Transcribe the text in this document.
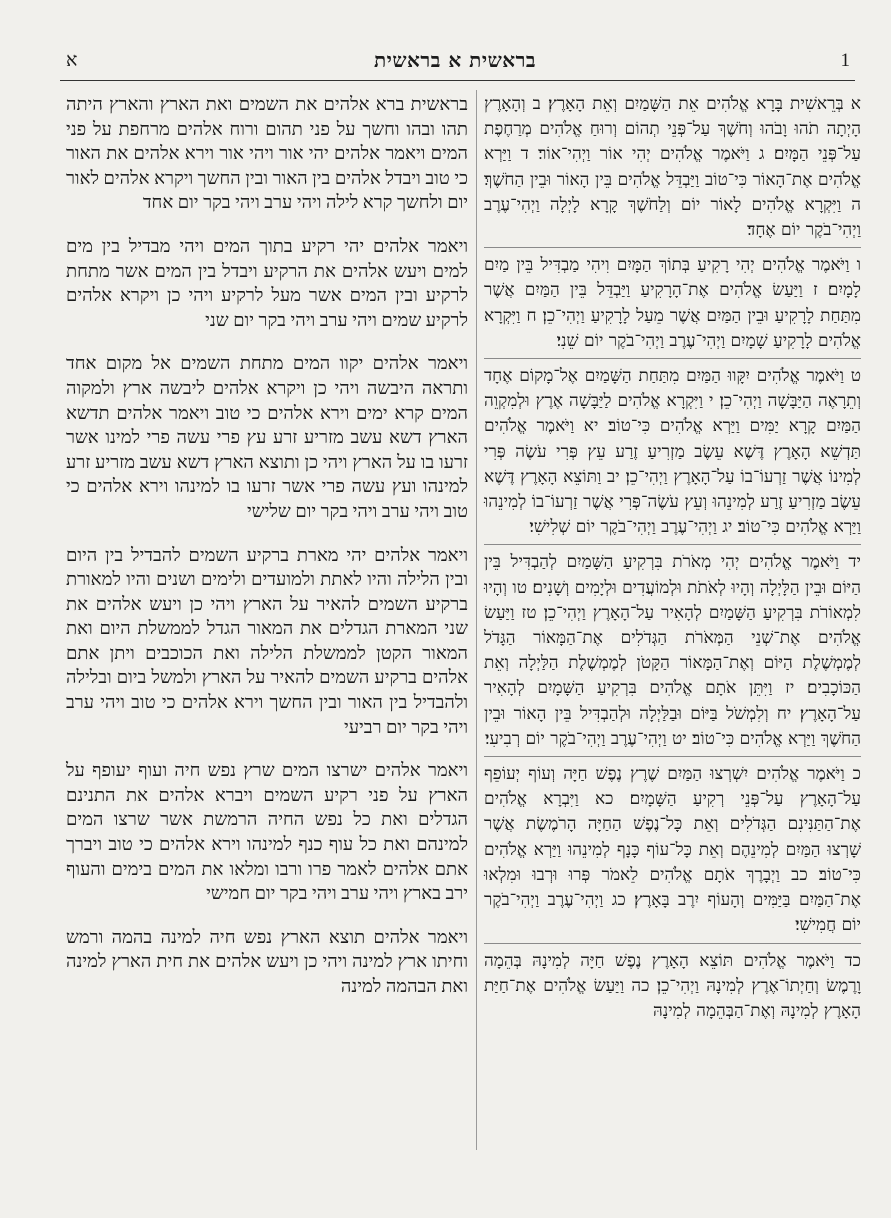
א	בראשית א בראשית	1

א בְּרֵאשִׁית בָּרָא אֱלֹהִים אֵת הַשָּׁמַיִם וְאֵת הָאָרֶץ׃ ב וְהָאָרֶץ הָיְתָה תֹהוּ וָבֹהוּ וְחֹשֶׁךְ עַל־פְּנֵי תְהוֹם וְרוּחַ אֱלֹהִים מְרַחֶפֶת עַל־פְּנֵי הַמָּיִם׃ ג וַיֹּאמֶר אֱלֹהִים יְהִי אוֹר וַיְהִי־אוֹר׃ ד וַיַּרְא אֱלֹהִים אֶת־הָאוֹר כִּי־טוֹב וַיַּבְדֵּל אֱלֹהִים בֵּין הָאוֹר וּבֵין הַחֹשֶׁךְ׃ ה וַיִּקְרָא אֱלֹהִים לָאוֹר יוֹם וְלַחֹשֶׁךְ קָרָא לָיְלָה וַיְהִי־עֶרֶב וַיְהִי־בֹקֶר יוֹם אֶחָד׃

ו וַיֹּאמֶר אֱלֹהִים יְהִי רָקִיעַ בְּתוֹךְ הַמָּיִם וִיהִי מַבְדִּיל בֵּין מַיִם לָמָיִם׃ ז וַיַּעַשׂ אֱלֹהִים אֶת־הָרָקִיעַ וַיַּבְדֵּל בֵּין הַמַּיִם אֲשֶׁר מִתַּחַת לָרָקִיעַ וּבֵין הַמַּיִם אֲשֶׁר מֵעַל לָרָקִיעַ וַיְהִי־כֵן׃ ח וַיִּקְרָא אֱלֹהִים לָרָקִיעַ שָׁמָיִם וַיְהִי־עֶרֶב וַיְהִי־בֹקֶר יוֹם שֵׁנִי׃

ט וַיֹּאמֶר אֱלֹהִים יִקָּווּ הַמַּיִם מִתַּחַת הַשָּׁמַיִם אֶל־מָקוֹם אֶחָד וְתֵרָאֶה הַיַּבָּשָׁה וַיְהִי־כֵן׃ י וַיִּקְרָא אֱלֹהִים לַיַּבָּשָׁה אֶרֶץ וּלְמִקְוֵה הַמַּיִם קָרָא יַמִּים וַיַּרְא אֱלֹהִים כִּי־טוֹב׃ יא וַיֹּאמֶר אֱלֹהִים תַּדְשֵׁא הָאָרֶץ דֶּשֶׁא עֵשֶׂב מַזְרִיעַ זֶרַע עֵץ פְּרִי עֹשֶׂה פְּרִי לְמִינוֹ אֲשֶׁר זַרְעוֹ־בוֹ עַל־הָאָרֶץ וַיְהִי־כֵן׃ יב וַתּוֹצֵא הָאָרֶץ דֶּשֶׁא עֵשֶׂב מַזְרִיעַ זֶרַע לְמִינֵהוּ וְעֵץ עֹשֶׂה־פְּרִי אֲשֶׁר זַרְעוֹ־בוֹ לְמִינֵהוּ וַיַּרְא אֱלֹהִים כִּי־טוֹב׃ יג וַיְהִי־עֶרֶב וַיְהִי־בֹקֶר יוֹם שְׁלִישִׁי׃

יד וַיֹּאמֶר אֱלֹהִים יְהִי מְאֹרֹת בִּרְקִיעַ הַשָּׁמַיִם לְהַבְדִּיל בֵּין הַיּוֹם וּבֵין הַלָּיְלָה וְהָיוּ לְאֹתֹת וּלְמוֹעֲדִים וּלְיָמִים וְשָׁנִים׃ טו וְהָיוּ לִמְאוֹרֹת בִּרְקִיעַ הַשָּׁמַיִם לְהָאִיר עַל־הָאָרֶץ וַיְהִי־כֵן׃ טז וַיַּעַשׂ אֱלֹהִים אֶת־שְׁנֵי הַמְּאֹרֹת הַגְּדֹלִים אֶת־הַמָּאוֹר הַגָּדֹל לְמֶמְשֶׁלֶת הַיּוֹם וְאֶת־הַמָּאוֹר הַקָּטֹן לְמֶמְשֶׁלֶת הַלַּיְלָה וְאֵת הַכּוֹכָבִים׃ יז וַיִּתֵּן אֹתָם אֱלֹהִים בִּרְקִיעַ הַשָּׁמָיִם לְהָאִיר עַל־הָאָרֶץ׃ יח וְלִמְשֹׁל בַּיּוֹם וּבַלַּיְלָה וּלְהַבְדִּיל בֵּין הָאוֹר וּבֵין הַחֹשֶׁךְ וַיַּרְא אֱלֹהִים כִּי־טוֹב׃ יט וַיְהִי־עֶרֶב וַיְהִי־בֹקֶר יוֹם רְבִיעִי׃

כ וַיֹּאמֶר אֱלֹהִים יִשְׁרְצוּ הַמַּיִם שֶׁרֶץ נֶפֶשׁ חַיָּה וְעוֹף יְעוֹפֵף עַל־הָאָרֶץ עַל־פְּנֵי רְקִיעַ הַשָּׁמָיִם׃ כא וַיִּבְרָא אֱלֹהִים אֶת־הַתַּנִּינִם הַגְּדֹלִים וְאֵת כָּל־נֶפֶשׁ הַחַיָּה הָרֹמֶשֶׂת אֲשֶׁר שָׁרְצוּ הַמַּיִם לְמִינֵהֶם וְאֵת כָּל־עוֹף כָּנָף לְמִינֵהוּ וַיַּרְא אֱלֹהִים כִּי־טוֹב׃ כב וַיְבָרֶךְ אֹתָם אֱלֹהִים לֵאמֹר פְּרוּ וּרְבוּ וּמִלְאוּ אֶת־הַמַּיִם בַּיַּמִּים וְהָעוֹף יִרֶב בָּאָרֶץ׃ כג וַיְהִי־עֶרֶב וַיְהִי־בֹקֶר יוֹם חֲמִישִׁי׃

כד וַיֹּאמֶר אֱלֹהִים תּוֹצֵא הָאָרֶץ נֶפֶשׁ חַיָּה לְמִינָהּ בְּהֵמָה וָרֶמֶשׂ וְחַיְתוֹ־אֶרֶץ לְמִינָהּ וַיְהִי־כֵן׃ כה וַיַּעַשׂ אֱלֹהִים אֶת־חַיַּת הָאָרֶץ לְמִינָהּ וְאֶת־הַבְּהֵמָה לְמִינָהּ

בראשית ברא אלהים את השמים ואת הארץ והארץ היתה תהו ובהו וחשך על פני תהום ורוח אלהים מרחפת על פני המים ויאמר אלהים יהי אור ויהי אור וירא אלהים את האור כי טוב ויבדל אלהים בין האור ובין החשך ויקרא אלהים לאור יום ולחשך קרא לילה ויהי ערב ויהי בקר יום אחד

ויאמר אלהים יהי רקיע בתוך המים ויהי מבדיל בין מים למים ויעש אלהים את הרקיע ויבדל בין המים אשר מתחת לרקיע ובין המים אשר מעל לרקיע ויהי כן ויקרא אלהים לרקיע שמים ויהי ערב ויהי בקר יום שני

ויאמר אלהים יקוו המים מתחת השמים אל מקום אחד ותראה היבשה ויהי כן ויקרא אלהים ליבשה ארץ ולמקוה המים קרא ימים וירא אלהים כי טוב ויאמר אלהים תדשא הארץ דשא עשב מזריע זרע עץ פרי עשה פרי למינו אשר זרעו בו על הארץ ויהי כן ותוצא הארץ דשא עשב מזריע זרע למינהו ועץ עשה פרי אשר זרעו בו למינהו וירא אלהים כי טוב ויהי ערב ויהי בקר יום שלישי

ויאמר אלהים יהי מארת ברקיע השמים להבדיל בין היום ובין הלילה והיו לאתת ולמועדים ולימים ושנים והיו למאורת ברקיע השמים להאיר על הארץ ויהי כן ויעש אלהים את שני המארת הגדלים את המאור הגדל לממשלת היום ואת המאור הקטן לממשלת הלילה ואת הכוכבים ויתן אתם אלהים ברקיע השמים להאיר על הארץ ולמשל ביום ובלילה ולהבדיל בין האור ובין החשך וירא אלהים כי טוב ויהי ערב ויהי בקר יום רביעי

ויאמר אלהים ישרצו המים שרץ נפש חיה ועוף יעופף על הארץ על פני רקיע השמים ויברא אלהים את התנינם הגדלים ואת כל נפש החיה הרמשת אשר שרצו המים למינהם ואת כל עוף כנף למינהו וירא אלהים כי טוב ויברך אתם אלהים לאמר פרו ורבו ומלאו את המים בימים והעוף ירב בארץ ויהי ערב ויהי בקר יום חמישי

ויאמר אלהים תוצא הארץ נפש חיה למינה בהמה ורמש וחיתו ארץ למינה ויהי כן ויעש אלהים את חית הארץ למינה ואת הבהמה למינה
